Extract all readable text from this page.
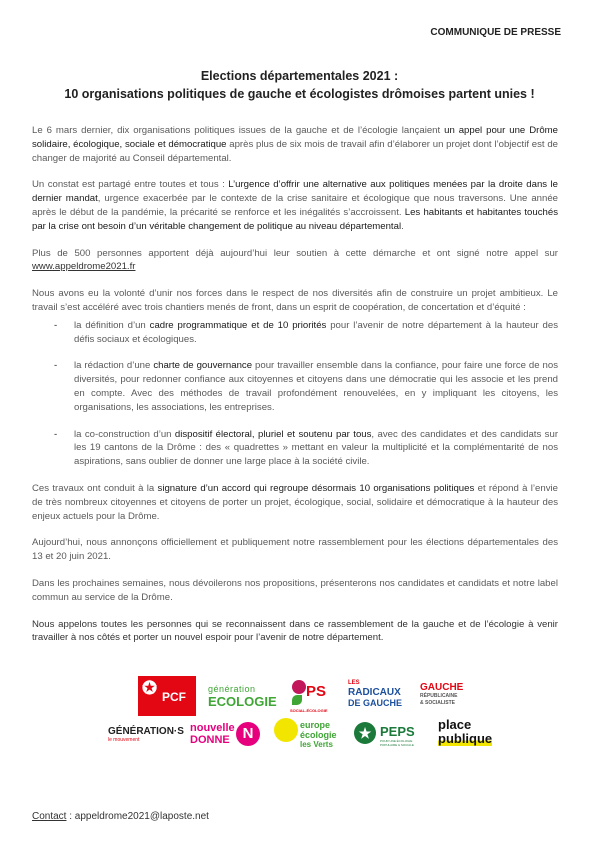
COMMUNIQUE DE PRESSE
Elections départementales 2021 :
10 organisations politiques de gauche et écologistes drômoises partent unies !

Le 6 mars dernier, dix organisations politiques issues de la gauche et de l’écologie lançaient un appel pour une Drôme solidaire, écologique, sociale et démocratique après plus de six mois de travail afin d’élaborer un projet dont l’objectif est de changer de majorité au Conseil départemental.

Un constat est partagé entre toutes et tous : L’urgence d’offrir une alternative aux politiques menées par la droite dans le dernier mandat, urgence exacerbée par le contexte de la crise sanitaire et écologique que nous traversons. Une année après le début de la pandémie, la précarité se renforce et les inégalités s’accroissent. Les habitants et habitantes touchés par la crise ont besoin d’un véritable changement de politique au niveau départemental.

Plus de 500 personnes apportent déjà aujourd’hui leur soutien à cette démarche et ont signé notre appel sur www.appeldrome2021.fr

Nous avons eu la volonté d’unir nos forces dans le respect de nos diversités afin de construire un projet ambitieux. Le travail s’est accéléré avec trois chantiers menés de front, dans un esprit de coopération, de concertation et d’équité :

- la définition d’un cadre programmatique et de 10 priorités pour l’avenir de notre département à la hauteur des défis sociaux et écologiques.
- la rédaction d’une charte de gouvernance pour travailler ensemble dans la confiance, pour faire une force de nos diversités, pour redonner confiance aux citoyennes et citoyens dans une démocratie qui les associe et les prend en compte. Avec des méthodes de travail profondément renouvelées, en y impliquant les citoyens, les organisations, les associations, les entreprises.
- la co-construction d’un dispositif électoral, pluriel et soutenu par tous, avec des candidates et des candidats sur les 19 cantons de la Drôme : des « quadrettes » mettant en valeur la multiplicité et la complémentarité de nos aspirations, sans oublier de donner une large place à la société civile.

Ces travaux ont conduit à la signature d’un accord qui regroupe désormais 10 organisations politiques et répond à l’envie de très nombreux citoyennes et citoyens de porter un projet, écologique, social, solidaire et démocratique à la hauteur des enjeux actuels pour la Drôme.

Aujourd’hui, nous annonçons officiellement et publiquement notre rassemblement pour les élections départementales des 13 et 20 juin 2021.

Dans les prochaines semaines, nous dévoilerons nos propositions, présenterons nos candidates et candidats et notre label commun au service de la Drôme.

Nous appelons toutes les personnes qui se reconnaissent dans ce rassemblement de la gauche et de l’écologie à venir travailler à nos côtés et porter un nouvel espoir pour l’avenir de notre département.

✪ PCF
génération
ECOLOGIE
PS
SOCIAL-ÉCOLOGIE
LES
RADICAUX
DE GAUCHE
GAUCHE
RÉPUBLICAINE
& SOCIALISTE
GÉNÉRATION·S
le mouvement
nouvelle
DONNE N	europe
écologie
les Verts
★ PEPS
POUR UNE ÉCOLOGIE POPULAIRE & SOCIALE
place
publique
Contact : appeldrome2021@laposte.net
